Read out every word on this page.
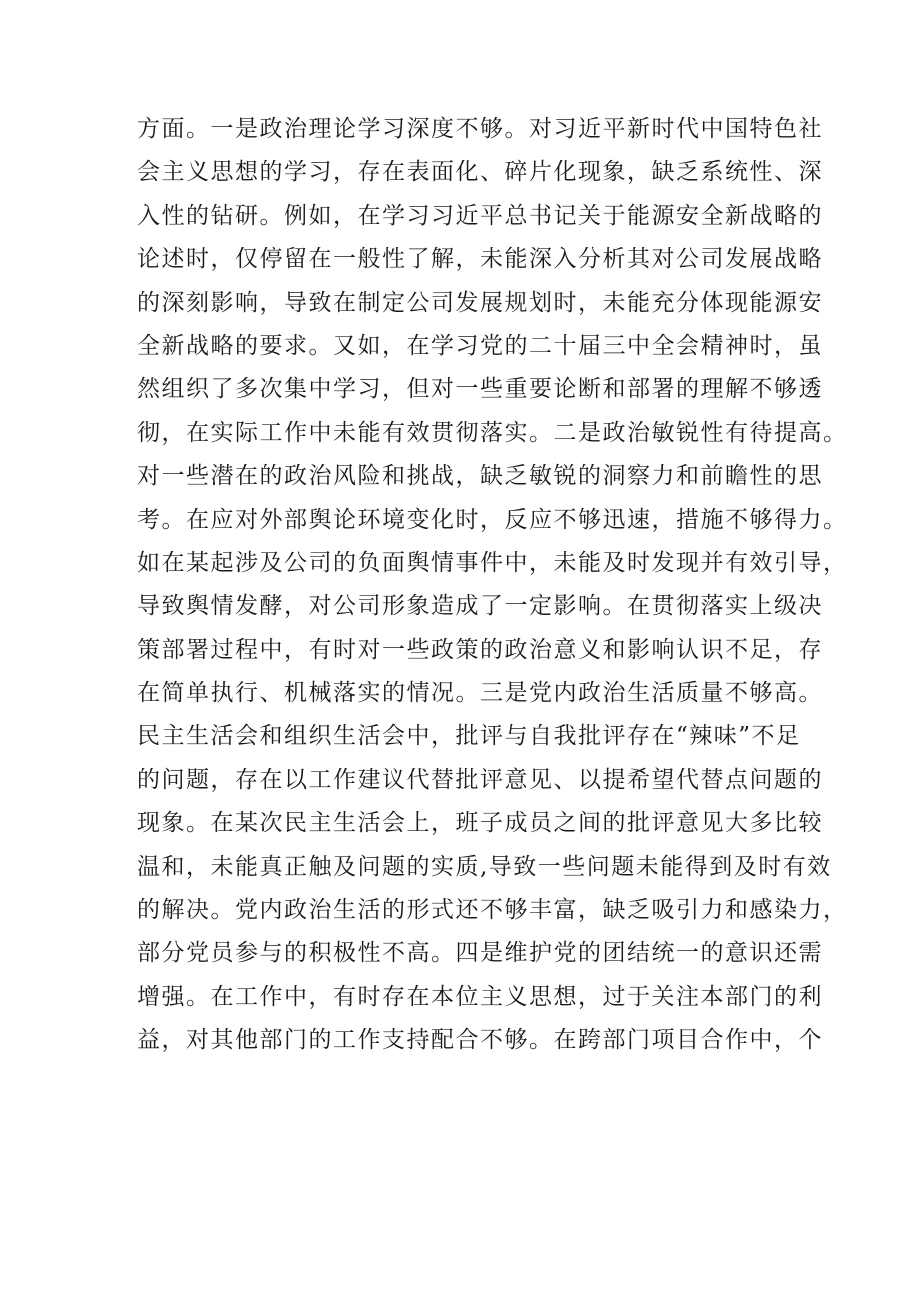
方面。一是政治理论学习深度不够。对习近平新时代中国特色社
会主义思想的学习，存在表面化、碎片化现象，缺乏系统性、深
入性的钻研。例如，在学习习近平总书记关于能源安全新战略的
论述时，仅停留在一般性了解，未能深入分析其对公司发展战略
的深刻影响，导致在制定公司发展规划时，未能充分体现能源安
全新战略的要求。又如，在学习党的二十届三中全会精神时，虽
然组织了多次集中学习，但对一些重要论断和部署的理解不够透
彻，在实际工作中未能有效贯彻落实。二是政治敏锐性有待提高。
对一些潜在的政治风险和挑战，缺乏敏锐的洞察力和前瞻性的思
考。在应对外部舆论环境变化时，反应不够迅速，措施不够得力。
如在某起涉及公司的负面舆情事件中，未能及时发现并有效引导，
导致舆情发酵，对公司形象造成了一定影响。在贯彻落实上级决
策部署过程中，有时对一些政策的政治意义和影响认识不足，存
在简单执行、机械落实的情况。三是党内政治生活质量不够高。
民主生活会和组织生活会中，批评与自我批评存在“辣味”不足
的问题，存在以工作建议代替批评意见、以提希望代替点问题的
现象。在某次民主生活会上，班子成员之间的批评意见大多比较
温和，未能真正触及问题的实质,导致一些问题未能得到及时有效
的解决。党内政治生活的形式还不够丰富，缺乏吸引力和感染力，
部分党员参与的积极性不高。四是维护党的团结统一的意识还需
增强。在工作中，有时存在本位主义思想，过于关注本部门的利
益，对其他部门的工作支持配合不够。在跨部门项目合作中，个
